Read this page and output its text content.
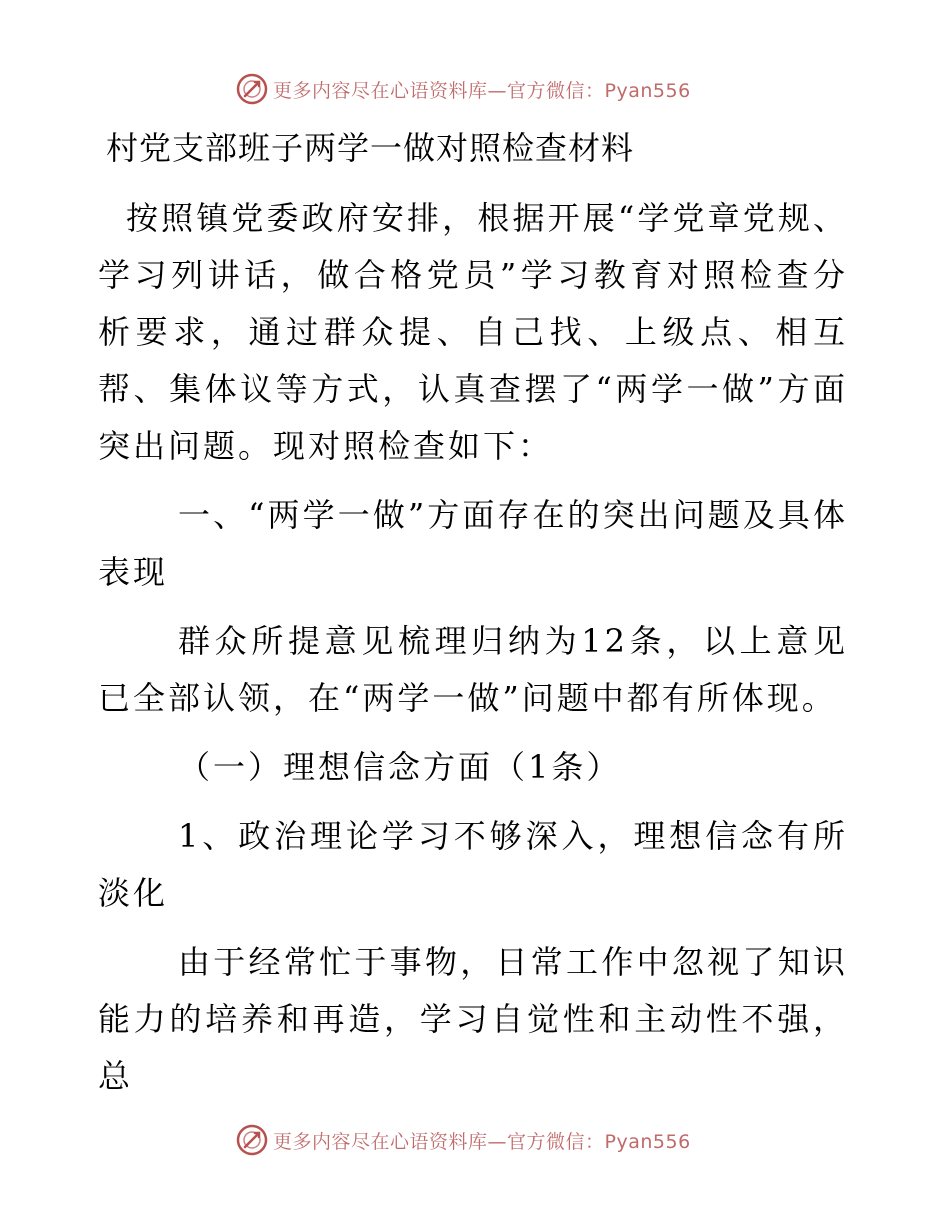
更多内容尽在心语资料库—官方微信：Pyan556
村党支部班子两学一做对照检查材料

按照镇党委政府安排，根据开展“学党章党规、学习列讲话，做合格党员”学习教育对照检查分析要求，通过群众提、自己找、上级点、相互帮、集体议等方式，认真查摆了“两学一做”方面突出问题。现对照检查如下：

一、“两学一做”方面存在的突出问题及具体表现

群众所提意见梳理归纳为12条，以上意见已全部认领，在“两学一做”问题中都有所体现。

（一）理想信念方面（1条）

1、政治理论学习不够深入，理想信念有所淡化

由于经常忙于事物，日常工作中忽视了知识能力的培养和再造，学习自觉性和主动性不强，总

更多内容尽在心语资料库—官方微信：Pyan556
